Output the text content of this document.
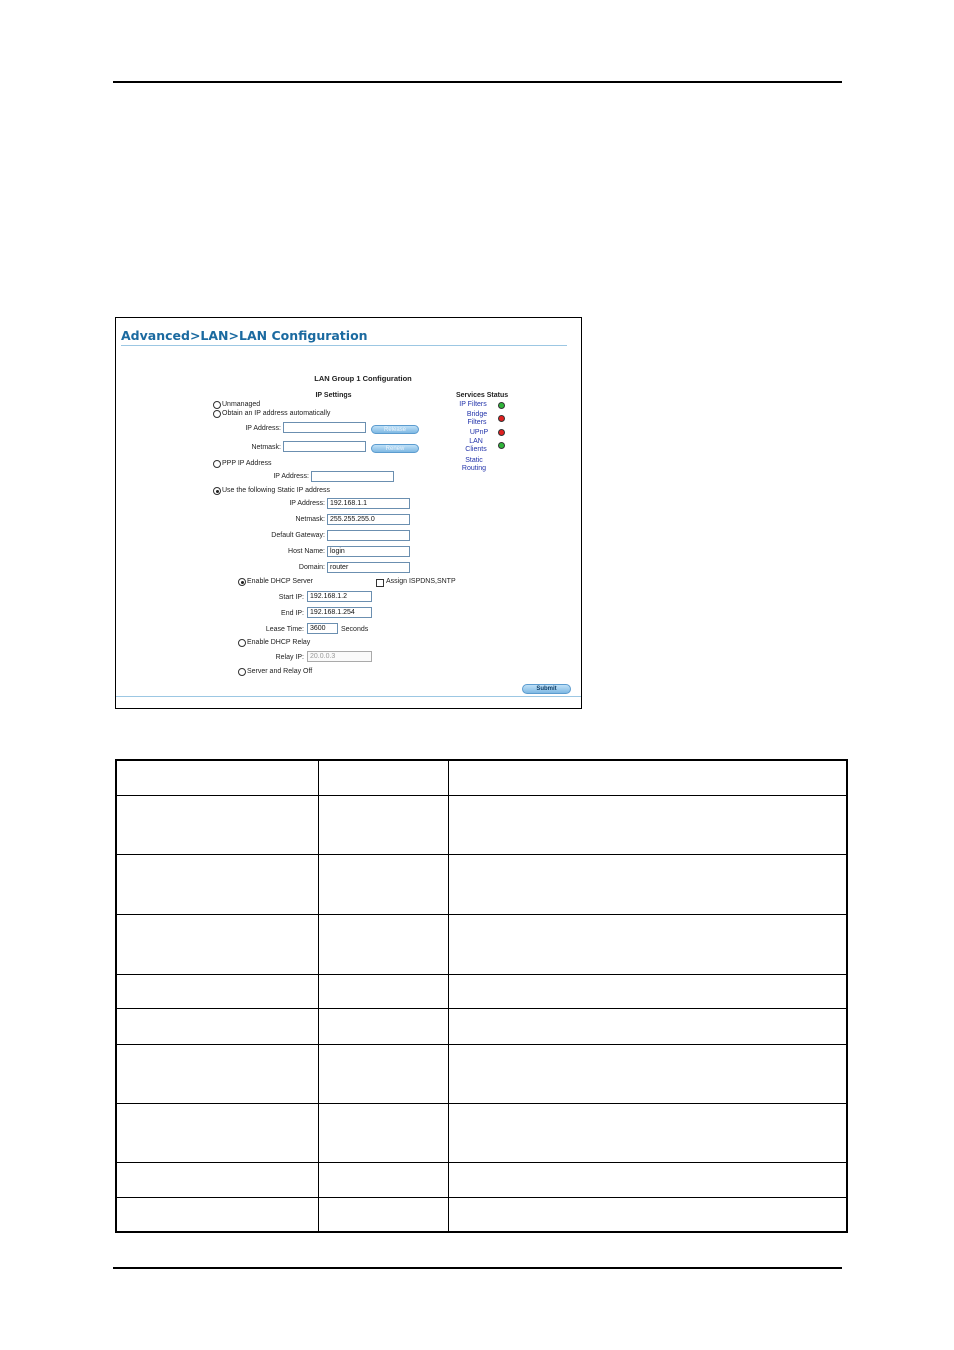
Advanced>LAN>LAN Configuration
LAN Group 1 Configuration
IP Settings
Unmanaged
Obtain an IP address automatically
IP Address:	Release
Netmask:	Renew
PPP IP Address
IP Address:
Use the following Static IP address
IP Address:
192.168.1.1
Netmask:
255.255.255.0
Default Gateway:
Host Name:
login
Domain:
router
Enable DHCP Server	Assign ISPDNS,SNTP
Start IP:
192.168.1.2
End IP:
192.168.1.254
Lease Time:
3600	Seconds
Enable DHCP Relay
Relay IP:
20.0.0.3
Server and Relay Off
Services Status
IP Filters
Bridge
Filters
UPnP
LAN
Clients
Static
Routing
Submit
